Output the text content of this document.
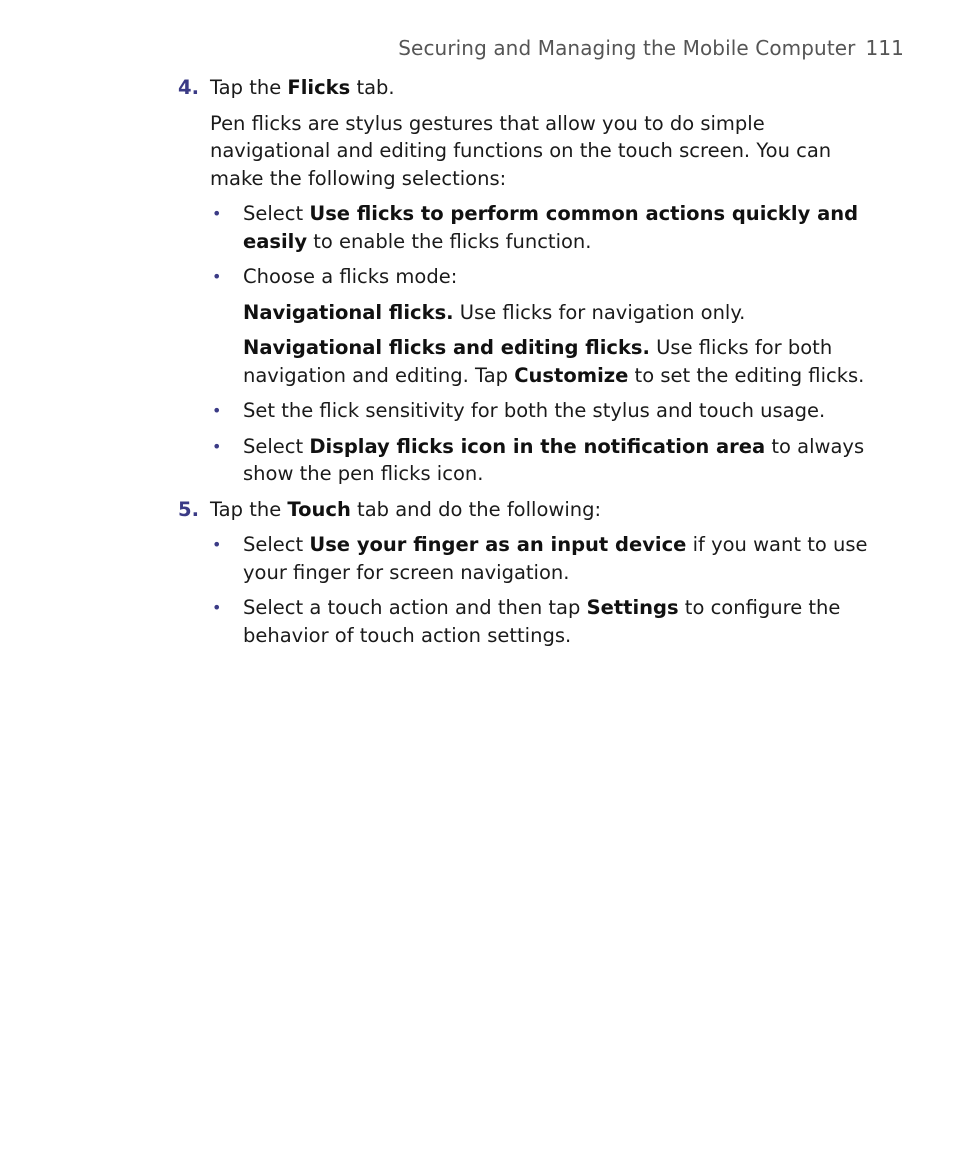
Securing and Managing the Mobile Computer 111
4. Tap the Flicks tab.

Pen flicks are stylus gestures that allow you to do simple navigational and editing functions on the touch screen. You can make the following selections:

• Select Use flicks to perform common actions quickly and easily to enable the flicks function.
• Choose a flicks mode:

Navigational flicks. Use flicks for navigation only.

Navigational flicks and editing flicks. Use flicks for both navigation and editing. Tap Customize to set the editing flicks.

• Set the flick sensitivity for both the stylus and touch usage.
• Select Display flicks icon in the notification area to always show the pen flicks icon.
5. Tap the Touch tab and do the following:

• Select Use your finger as an input device if you want to use your finger for screen navigation.
• Select a touch action and then tap Settings to configure the behavior of touch action settings.
